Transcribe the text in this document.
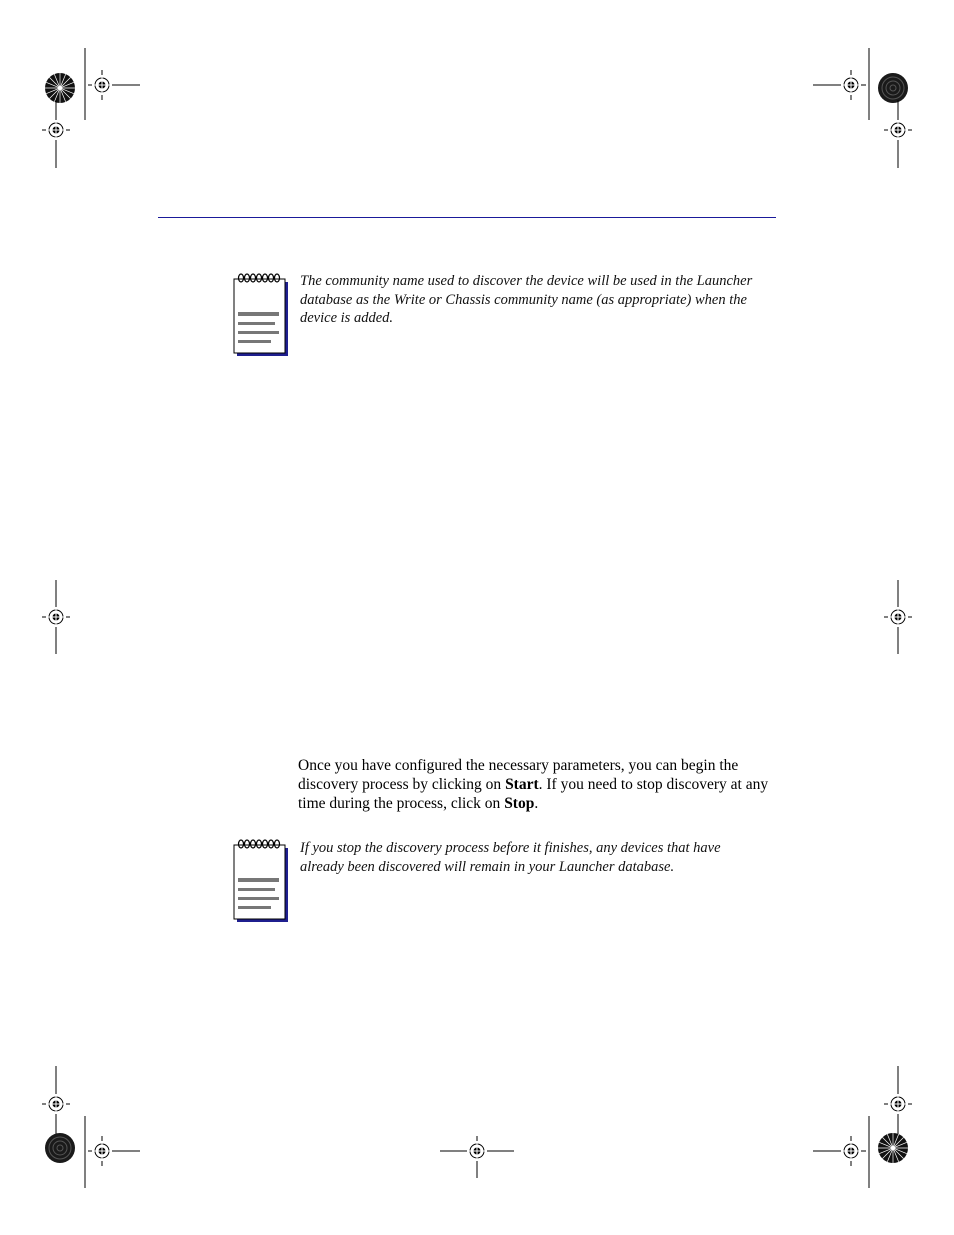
The community name used to discover the device will be used in the Launcher database as the Write or Chassis community name (as appropriate) when the device is added.
Once you have configured the necessary parameters, you can begin the discovery process by clicking on Start. If you need to stop discovery at any time during the process, click on Stop.
If you stop the discovery process before it finishes, any devices that have already been discovered will remain in your Launcher database.
